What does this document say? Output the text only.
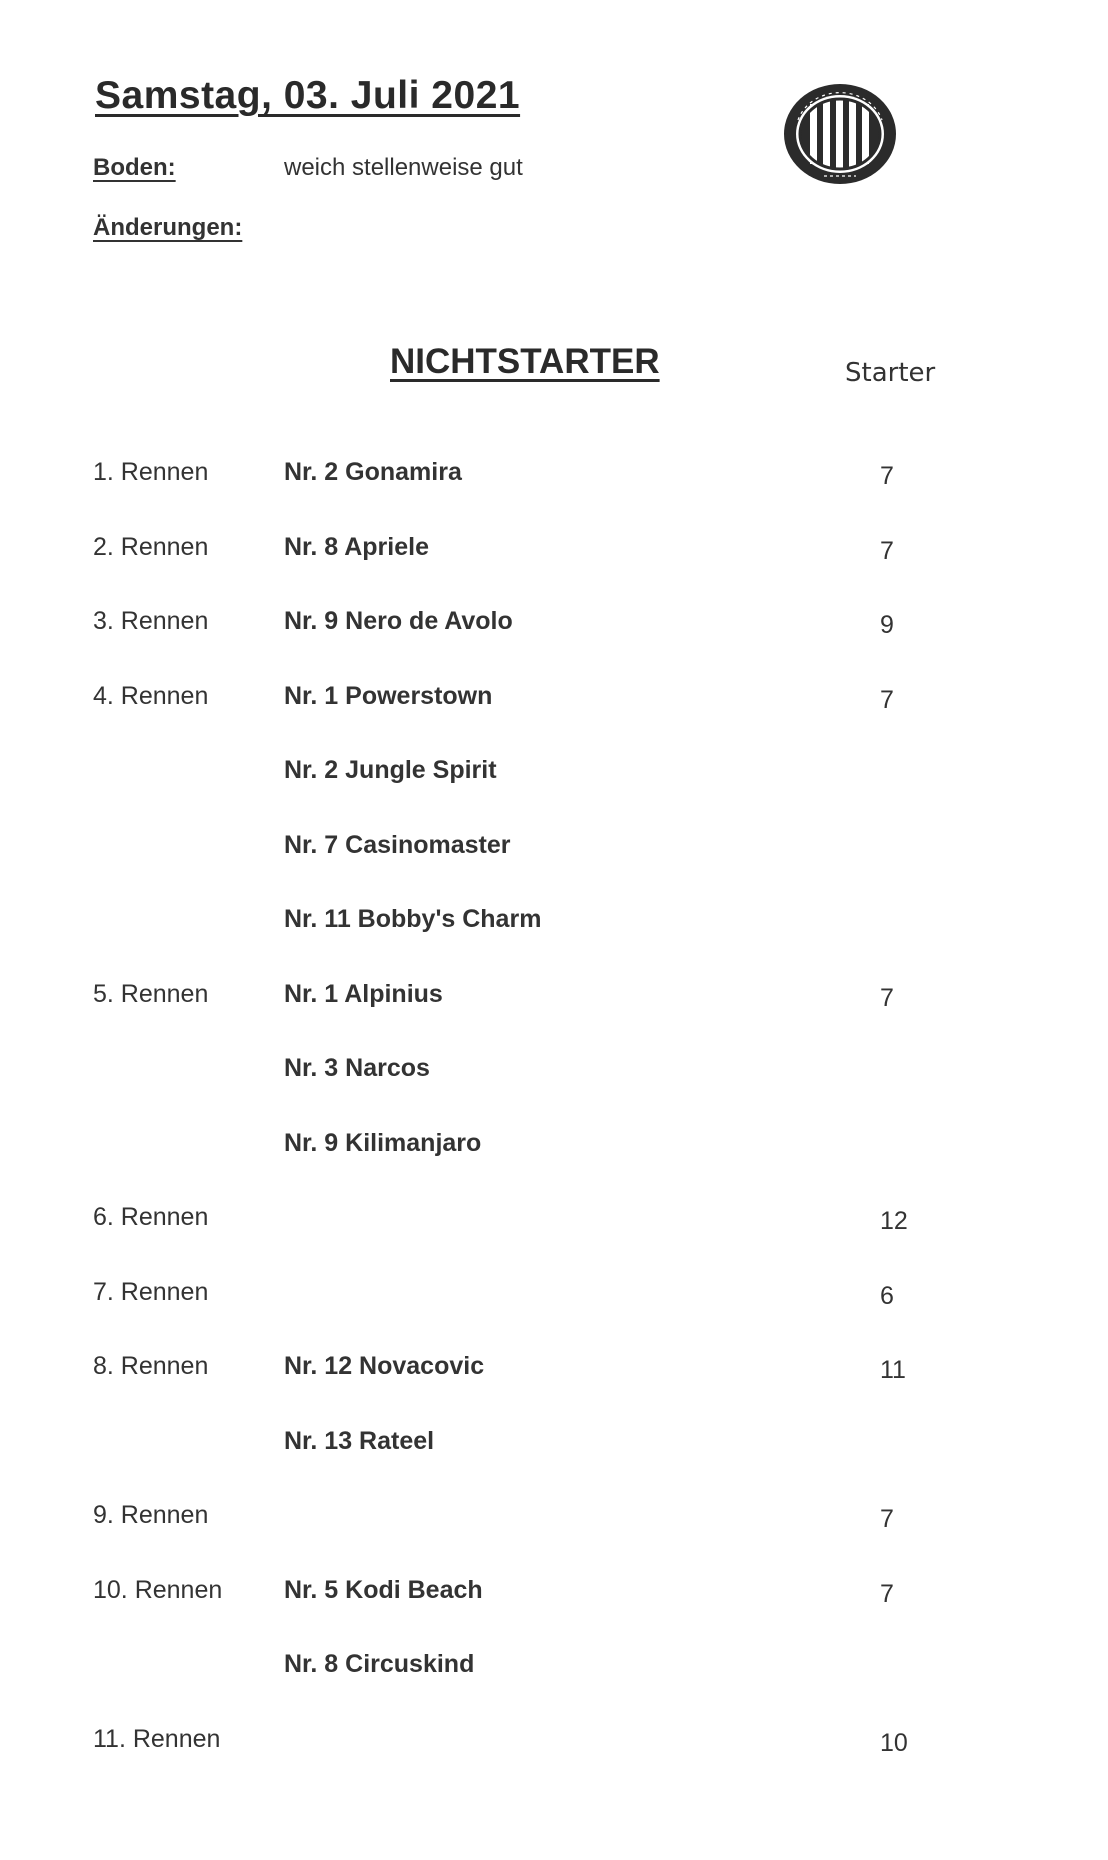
Samstag, 03. Juli 2021
Boden:	weich stellenweise gut
Änderungen:
NICHTSTARTER	Starter
1. Rennen	Nr. 2 Gonamira	7
2. Rennen	Nr. 8 Apriele	7
3. Rennen	Nr. 9 Nero de Avolo	9
4. Rennen	Nr. 1 Powerstown	7
Nr. 2 Jungle Spirit
Nr. 7 Casinomaster
Nr. 11 Bobby's Charm
5. Rennen	Nr. 1 Alpinius	7
Nr. 3 Narcos
Nr. 9 Kilimanjaro
6. Rennen	12
7. Rennen	6
8. Rennen	Nr. 12 Novacovic	11
Nr. 13 Rateel
9. Rennen	7
10. Rennen Nr. 5 Kodi Beach	7
Nr. 8 Circuskind
11. Rennen	10
